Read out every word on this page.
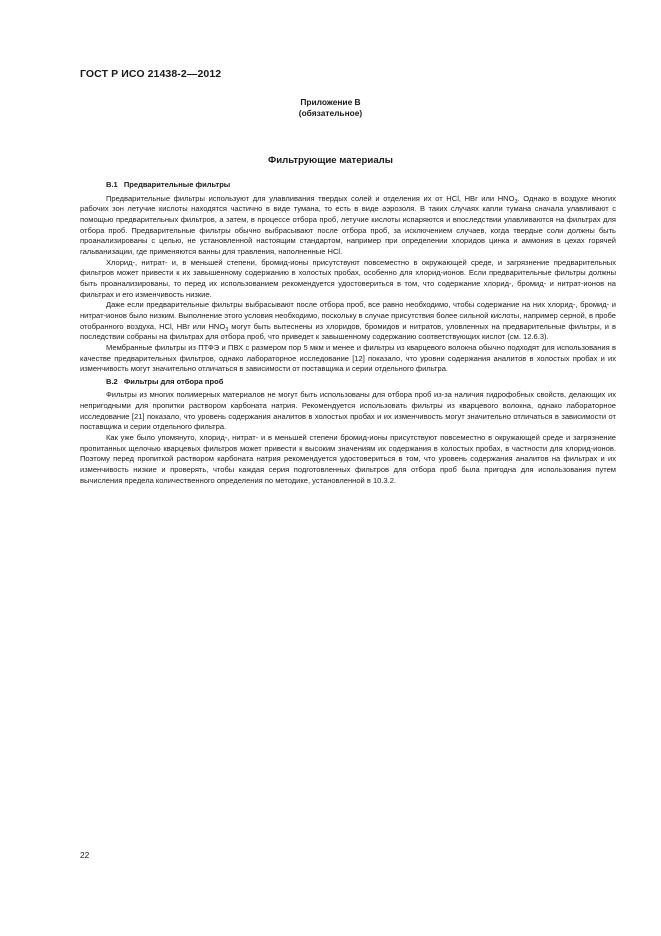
ГОСТ Р ИСО 21438-2—2012
Приложение В
(обязательное)
Фильтрующие материалы
В.1 Предварительные фильтры

Предварительные фильтры используют для улавливания твердых солей и отделения их от HCl, HBr или $HNO_3$. Однако в воздухе многих рабочих зон летучие кислоты находятся частично в виде тумана, то есть в виде аэрозоля. В таких случаях капли тумана сначала улавливают с помощью предварительных фильтров, а затем, в процессе отбора проб, летучие кислоты испаряются и впоследствии улавливаются на фильтрах для отбора проб. Предварительные фильтры обычно выбрасывают после отбора проб, за исключением случаев, когда твердые соли должны быть проанализированы с целью, не установленной настоящим стандартом, например при определении хлоридов цинка и аммония в цехах горячей гальванизации, где применяются ванны для травления, наполненные HCl.

Хлорид-, нитрат- и, в меньшей степени, бромид-ионы присутствуют повсеместно в окружающей среде, и загрязнение предварительных фильтров может привести к их завышенному содержанию в холостых пробах, особенно для хлорид-ионов. Если предварительные фильтры должны быть проанализированы, то перед их использованием рекомендуется удостовериться в том, что содержание хлорид-, бромид- и нитрат-ионов на фильтрах и его изменчивость низкие.

Даже если предварительные фильтры выбрасывают после отбора проб, все равно необходимо, чтобы содержание на них хлорид-, бромид- и нитрат-ионов было низким. Выполнение этого условия необходимо, поскольку в случае присутствия более сильной кислоты, например серной, в пробе отобранного воздуха, HCl, HBr или $HNO_3$ могут быть вытеснены из хлоридов, бромидов и нитратов, уловленных на предварительные фильтры, и в последствии собраны на фильтрах для отбора проб, что приведет к завышенному содержанию соответствующих кислот (см. 12.6.3).

Мембранные фильтры из ПТФЭ и ПВХ с размером пор 5 мкм и менее и фильтры из кварцевого волокна обычно подходят для использования в качестве предварительных фильтров, однако лабораторное исследование [12] показало, что уровни содержания аналитов в холостых пробах и их изменчивость могут значительно отличаться в зависимости от поставщика и серии отдельного фильтра.

В.2 Фильтры для отбора проб

Фильтры из многих полимерных материалов не могут быть использованы для отбора проб из-за наличия гидрофобных свойств, делающих их непригодными для пропитки раствором карбоната натрия. Рекомендуется использовать фильтры из кварцевого волокна, однако лабораторное исследование [21] показало, что уровень содержания аналитов в холостых пробах и их изменчивость могут значительно отличаться в зависимости от поставщика и серии отдельного фильтра.

Как уже было упомянуто, хлорид-, нитрат- и в меньшей степени бромид-ионы присутствуют повсеместно в окружающей среде и загрязнение пропитанных щелочью кварцевых фильтров может привести к высоким значениям их содержания в холостых пробах, в частности для хлорид-ионов. Поэтому перед пропиткой раствором карбоната натрия рекомендуется удостовериться в том, что уровень содержания аналитов на фильтрах и их изменчивость низкие и проверять, чтобы каждая серия подготовленных фильтров для отбора проб была пригодна для использования путем вычисления предела количественного определения по методике, установленной в 10.3.2.

22
